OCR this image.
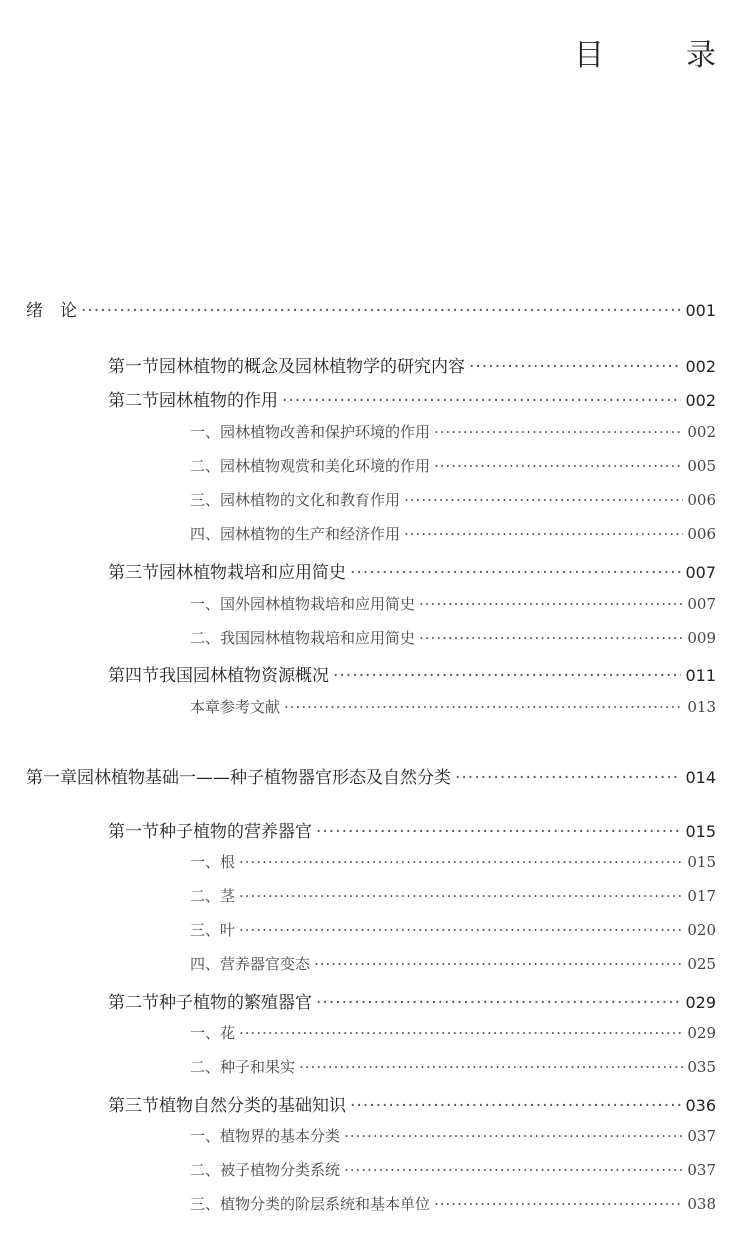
目　录
绪　论 ·····	001
第一节 园林植物的概念及园林植物学的研究内容 ·····	002
第二节 园林植物的作用 ·····	002
一、园林植物改善和保护环境的作用 ·····	002
二、园林植物观赏和美化环境的作用 ·····	005
三、园林植物的文化和教育作用 ·····	006
四、园林植物的生产和经济作用 ·····	006
第三节 园林植物栽培和应用简史 ·····	007
一、国外园林植物栽培和应用简史 ·····	007
二、我国园林植物栽培和应用简史 ·····	009
第四节 我国园林植物资源概况 ·····	011
本章参考文献 ·····	013
第一章 园林植物基础一——种子植物器官形态及自然分类 ·····	014
第一节 种子植物的营养器官 ·····	015
一、根 ·····	015
二、茎 ·····	017
三、叶 ·····	020
四、营养器官变态 ·····	025
第二节 种子植物的繁殖器官 ·····	029
一、花 ·····	029
二、种子和果实 ·····	035
第三节 植物自然分类的基础知识 ·····	036
一、植物界的基本分类 ·····	037
二、被子植物分类系统 ·····	037
三、植物分类的阶层系统和基本单位 ·····	038
